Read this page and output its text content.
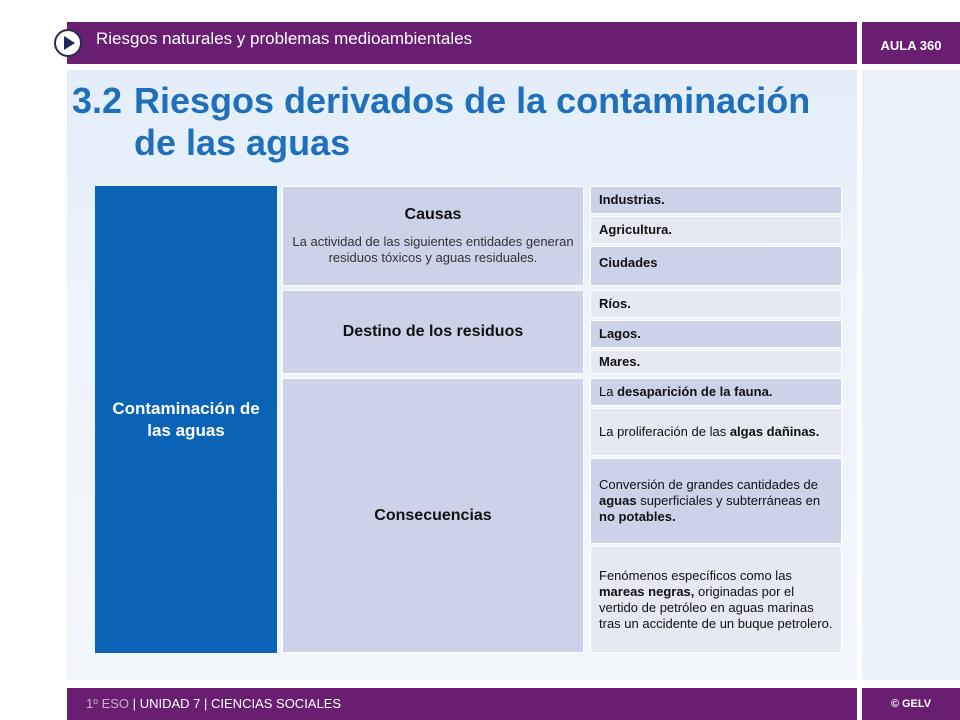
AULA 360
Riesgos naturales y problemas medioambientales
3.2 Riesgos derivados de la contaminación
de las aguas
Contaminación de las aguas
Causas
La actividad de las siguientes entidades generan residuos tóxicos y aguas residuales.
Destino de los residuos
Consecuencias
Industrias.
Agricultura.
Ciudades
Ríos.
Lagos.
Mares.
La desaparición de la fauna.
La proliferación de las algas dañinas.
Conversión de grandes cantidades de aguas superficiales y subterráneas en no potables.
Fenómenos específicos como las mareas negras, originadas por el vertido de petróleo en aguas marinas tras un accidente de un buque petrolero.
1º ESO | UNIDAD 7 | CIENCIAS SOCIALES	© GELV
